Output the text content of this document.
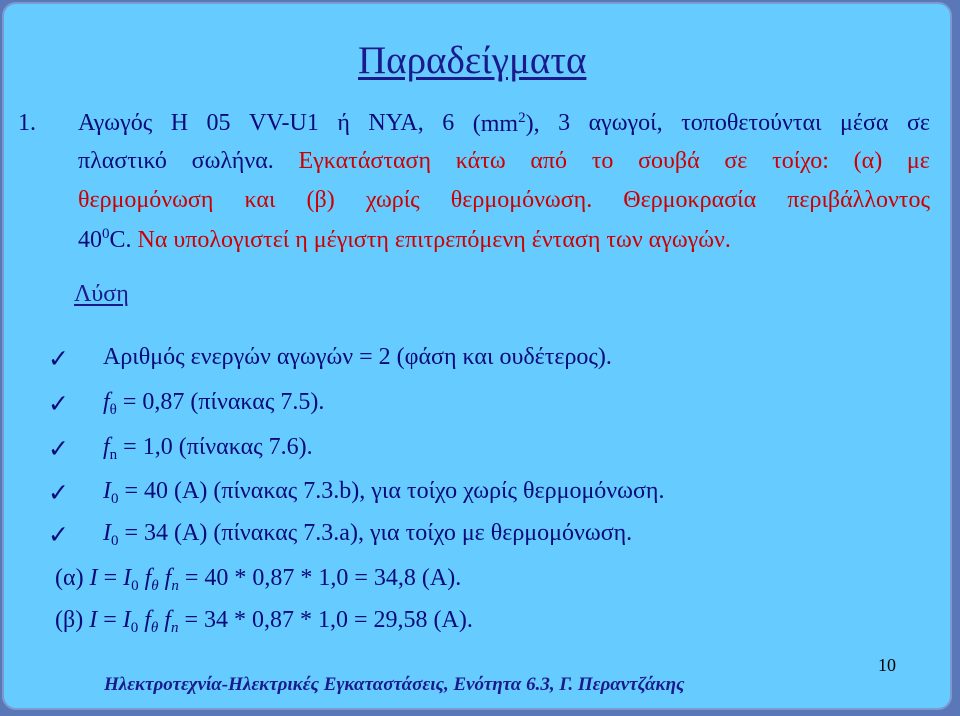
Παραδείγματα
1. Αγωγός Η 05 VV-U1 ή NYA, 6 $(mm^2)$, 3 αγωγοί, τοποθετούνται μέσα σε
πλαστικό σωλήνα. Εγκατάσταση κάτω από το σουβά σε τοίχο: (α) με
θερμομόνωση και (β) χωρίς θερμομόνωση. Θερμοκρασία περιβάλλοντος
$40^0C$. Να υπολογιστεί η μέγιστη επιτρεπόμενη ένταση των αγωγών.
Λύση
✓ Αριθμός ενεργών αγωγών = 2 (φάση και ουδέτερος).
✓ $f_\theta = 0,87$ (πίνακας 7.5).
✓ $f_n = 1,0$ (πίνακας 7.6).
✓ $I_0 = 40$ (Α) (πίνακας 7.3.b), για τοίχο χωρίς θερμομόνωση.
✓ $I_0 = 34$ (Α) (πίνακας 7.3.a), για τοίχο με θερμομόνωση.
(α) $I = I_0$ $f_\theta$ $f_n = 40 * 0,87 * 1,0 = 34,8$ (Α).
(β) $I = I_0$ $f_\theta$ $f_n = 34 * 0,87 * 1,0 = 29,58$ (Α).
10
Ηλεκτροτεχνία-Ηλεκτρικές Εγκαταστάσεις, Ενότητα 6.3, Γ. Περαντζάκης
